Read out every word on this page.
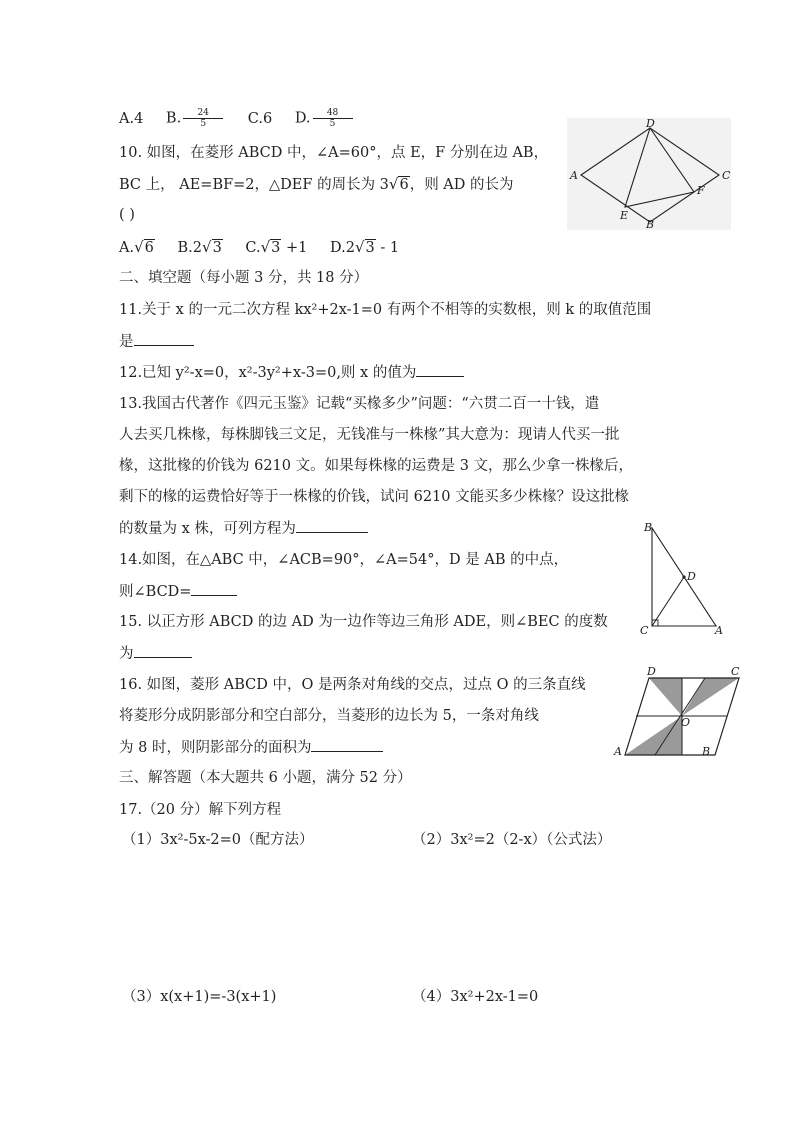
A.4 B. $\frac{24}{5} C.6$ D. $\frac{48}{5}$
10. 如图，在菱形 ABCD 中，∠A=60°，点 E，F 分别在边 AB，
BC 上， AE=BF=2，△DEF 的周长为 3√6，则 AD 的长为
( )
A.√6 B.2√3 C.√3 +1 D.2√3 - 1
A
D
C
B
E
F
二、填空题（每小题 3 分，共 18 分）
11.关于 x 的一元二次方程 kx²+2x-1=0 有两个不相等的实数根，则 k 的取值范围
是
12.已知 y²-x=0，x²-3y²+x-3=0,则 x 的值为
13.我国古代著作《四元玉鉴》记载“买椽多少”问题：“六贯二百一十钱，遣
人去买几株椽，每株脚钱三文足，无钱准与一株椽”其大意为：现请人代买一批
椽，这批椽的价钱为 6210 文。如果每株椽的运费是 3 文，那么少拿一株椽后，
剩下的椽的运费恰好等于一株椽的价钱，试问 6210 文能买多少株椽？设这批椽
的数量为 x 株，可列方程为
14.如图，在△ABC 中，∠ACB=90°，∠A=54°，D 是 AB 的中点，
则∠BCD=
B
D
C	A
15. 以正方形 ABCD 的边 AD 为一边作等边三角形 ADE，则∠BEC 的度数
为
16. 如图，菱形 ABCD 中，O 是两条对角线的交点，过点 O 的三条直线
将菱形分成阴影部分和空白部分，当菱形的边长为 5，一条对角线
为 8 时，则阴影部分的面积为
D	C
A	B
O
三、解答题（本大题共 6 小题，满分 52 分）
17.（20 分）解下列方程
（1）3x²-5x-2=0（配方法）	（2）3x²=2（2-x）（公式法）
（3）x(x+1)=-3(x+1)	（4）3x²+2x-1=0
